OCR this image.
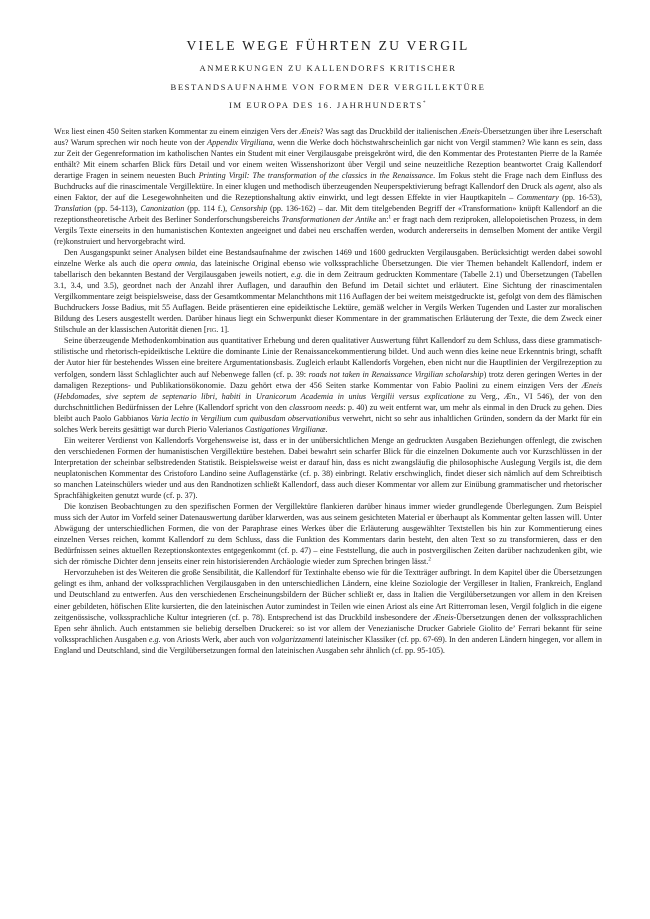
VIELE WEGE FÜHRTEN ZU VERGIL
ANMERKUNGEN ZU KALLENDORFS KRITISCHER
BESTANDSAUFNAHME VON FORMEN DER VERGILLEKTÜRE
IM EUROPA DES 16. JAHRHUNDERTS*

Wer liest einen 450 Seiten starken Kommentar zu einem einzigen Vers der Æneis? Was sagt das Druckbild der italienischen Æneis-Übersetzungen über ihre Leserschaft aus? Warum sprechen wir noch heute von der Appendix Virgiliana, wenn die Werke doch höchstwahrscheinlich gar nicht von Vergil stammen? Wie kann es sein, dass zur Zeit der Gegenreformation im katholischen Nantes ein Student mit einer Vergilausgabe preisgekrönt wird, die den Kommentar des Protestanten Pierre de la Ramée enthält? Mit einem scharfen Blick fürs Detail und vor einem weiten Wissenshorizont über Vergil und seine neuzeitliche Rezeption beantwortet Craig Kallendorf derartige Fragen in seinem neuesten Buch Printing Virgil: The transformation of the classics in the Renaissance. Im Fokus steht die Frage nach dem Einfluss des Buchdrucks auf die rinascimentale Vergillektüre. In einer klugen und methodisch überzeugenden Neuperspektivierung befragt Kallendorf den Druck als agent, also als einen Faktor, der auf die Lesegewohnheiten und die Rezeptionshaltung aktiv einwirkt, und legt dessen Effekte in vier Hauptkapiteln – Commentary (pp. 16-53), Translation (pp. 54-113), Canonization (pp. 114 f.), Censorship (pp. 136-162) – dar. Mit dem titelgebenden Begriff der «Transformation» knüpft Kallendorf an die rezeptionstheoretische Arbeit des Berliner Sonderforschungsbereichs Transformationen der Antike an:$^1$ er fragt nach dem reziproken, allelopoietischen Prozess, in dem Vergils Texte einerseits in den humanistischen Kontexten angeeignet und dabei neu erschaffen werden, wodurch andererseits in demselben Moment der antike Vergil (re)konstruiert und hervorgebracht wird.

Den Ausgangspunkt seiner Analysen bildet eine Bestandsaufnahme der zwischen 1469 und 1600 gedruckten Vergilausgaben. Berücksichtigt werden dabei sowohl einzelne Werke als auch die opera omnia, das lateinische Original ebenso wie volkssprachliche Übersetzungen. Die vier Themen behandelt Kallendorf, indem er tabellarisch den bekannten Bestand der Vergilausgaben jeweils notiert, e.g. die in dem Zeitraum gedruckten Kommentare (Tabelle 2.1) und Übersetzungen (Tabellen 3.1, 3.4, und 3.5), geordnet nach der Anzahl ihrer Auflagen, und daraufhin den Befund im Detail sichtet und erläutert. Eine Sichtung der rinascimentalen Vergilkommentare zeigt beispielsweise, dass der Gesamtkommentar Melanchthons mit 116 Auflagen der bei weitem meistgedruckte ist, gefolgt von dem des flämischen Buchdruckers Josse Badius, mit 55 Auflagen. Beide präsentieren eine epideiktische Lektüre, gemäß welcher in Vergils Werken Tugenden und Laster zur moralischen Bildung des Lesers ausgestellt werden. Darüber hinaus liegt ein Schwerpunkt dieser Kommentare in der grammatischen Erläuterung der Texte, die dem Zweck einer Stilschule an der klassischen Autorität dienen [fig. 1].

Seine überzeugende Methodenkombination aus quantitativer Erhebung und deren qualitativer Auswertung führt Kallendorf zu dem Schluss, dass diese grammatisch-stilistische und rhetorisch-epideiktische Lektüre die dominante Linie der Renaissancekommentierung bildet. Und auch wenn dies keine neue Erkenntnis bringt, schafft der Autor hier für bestehendes Wissen eine breitere Argumentationsbasis. Zugleich erlaubt Kallendorfs Vorgehen, eben nicht nur die Hauptlinien der Vergilrezeption zu verfolgen, sondern lässt Schlaglichter auch auf Nebenwege fallen (cf. p. 39: roads not taken in Renaissance Virgilian scholarship) trotz deren geringen Wertes in der damaligen Rezeptions- und Publikationsökonomie. Dazu gehört etwa der 456 Seiten starke Kommentar von Fabio Paolini zu einem einzigen Vers der Æneis (Hebdomades, sive septem de septenario libri, habiti in Uranicorum Academia in unius Vergilii versus explicatione zu Verg., Æn., VI 546), der von den durchschnittlichen Bedürfnissen der Lehre (Kallendorf spricht von den classroom needs: p. 40) zu weit entfernt war, um mehr als einmal in den Druck zu gehen. Dies bleibt auch Paolo Gabbianos Varia lectio in Vergilium cum quibusdam observationibus verwehrt, nicht so sehr aus inhaltlichen Gründen, sondern da der Markt für ein solches Werk bereits gesättigt war durch Pierio Valerianos Castigationes Virgilianæ.

Ein weiterer Verdienst von Kallendorfs Vorgehensweise ist, dass er in der unübersichtlichen Menge an gedruckten Ausgaben Beziehungen offenlegt, die zwischen den verschiedenen Formen der humanistischen Vergillektüre bestehen. Dabei bewahrt sein scharfer Blick für die einzelnen Dokumente auch vor Kurzschlüssen in der Interpretation der scheinbar selbstredenden Statistik. Beispielsweise weist er darauf hin, dass es nicht zwangsläufig die philosophische Auslegung Vergils ist, die dem neuplatonischen Kommentar des Cristoforo Landino seine Auflagenstärke (cf. p. 38) einbringt. Relativ erschwinglich, findet dieser sich nämlich auf dem Schreibtisch so manchen Lateinschülers wieder und aus den Randnotizen schließt Kallendorf, dass auch dieser Kommentar vor allem zur Einübung grammatischer und rhetorischer Sprachfähigkeiten genutzt wurde (cf. p. 37).

Die konzisen Beobachtungen zu den spezifischen Formen der Vergillektüre flankieren darüber hinaus immer wieder grundlegende Überlegungen. Zum Beispiel muss sich der Autor im Vorfeld seiner Datenauswertung darüber klarwerden, was aus seinem gesichteten Material er überhaupt als Kommentar gelten lassen will. Unter Abwägung der unterschiedlichen Formen, die von der Paraphrase eines Werkes über die Erläuterung ausgewählter Textstellen bis hin zur Kommentierung eines einzelnen Verses reichen, kommt Kallendorf zu dem Schluss, dass die Funktion des Kommentars darin besteht, den alten Text so zu transformieren, dass er den Bedürfnissen seines aktuellen Rezeptionskontextes entgegenkommt (cf. p. 47) – eine Feststellung, die auch in postvergilischen Zeiten darüber nachzudenken gibt, wie sich der römische Dichter denn jenseits einer rein historisierenden Archäologie wieder zum Sprechen bringen lässt.$^2$

Hervorzuheben ist des Weiteren die große Sensibilität, die Kallendorf für Textinhalte ebenso wie für die Textträger aufbringt. In dem Kapitel über die Übersetzungen gelingt es ihm, anhand der volkssprachlichen Vergilausgaben in den unterschiedlichen Ländern, eine kleine Soziologie der Vergilleser in Italien, Frankreich, England und Deutschland zu entwerfen. Aus den verschiedenen Erscheinungsbildern der Bücher schließt er, dass in Italien die Vergilübersetzungen vor allem in den Kreisen einer gebildeten, höfischen Elite kursierten, die den lateinischen Autor zumindest in Teilen wie einen Ariost als eine Art Ritterroman lesen, Vergil folglich in die eigene zeitgenössische, volkssprachliche Kultur integrieren (cf. p. 78). Entsprechend ist das Druckbild insbesondere der Æneis-Übersetzungen denen der volkssprachlichen Epen sehr ähnlich. Auch entstammen sie beliebig derselben Druckerei: so ist vor allem der Venezianische Drucker Gabriele Giolito de’ Ferrari bekannt für seine volkssprachlichen Ausgaben e.g. von Ariosts Werk, aber auch von volgarizzamenti lateinischer Klassiker (cf. pp. 67-69). In den anderen Ländern hingegen, vor allem in England und Deutschland, sind die Vergilübersetzungen formal den lateinischen Ausgaben sehr ähnlich (cf. pp. 95-105).
